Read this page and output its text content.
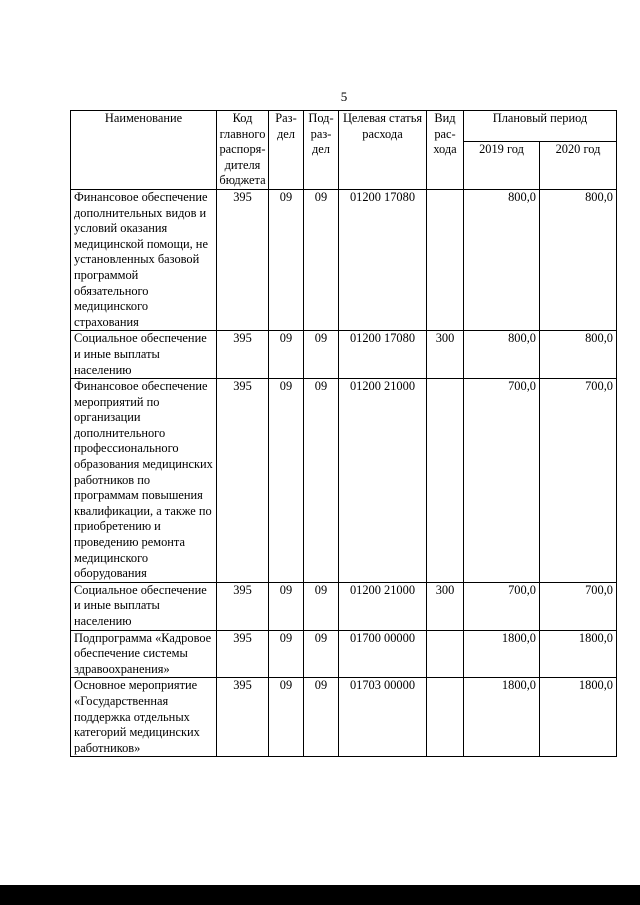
5
Наименование	Код главного распоря-дителя бюджета	Раз-дел	Под-раз-дел	Целевая статья расхода	Вид рас-хода	Плановый период	
						2019 год	2020 год
Финансовое обеспечение дополнительных видов и условий оказания медицинской помощи, не установленных базовой программой обязательного медицинского страхования	395	09	09	01200 17080		800,0	800,0
Социальное обеспечение и иные выплаты населению	395	09	09	01200 17080	300	800,0	800,0
Финансовое обеспечение мероприятий по организации дополнительного профессионального образования медицинских работников по программам повышения квалификации, а также по приобретению и проведению ремонта медицинского оборудования	395	09	09	01200 21000		700,0	700,0
Социальное обеспечение и иные выплаты населению	395	09	09	01200 21000	300	700,0	700,0
Подпрограмма «Кадровое обеспечение системы здравоохранения»	395	09	09	01700 00000		1800,0	1800,0
Основное мероприятие «Государственная поддержка отдельных категорий медицинских работников»	395	09	09	01703 00000		1800,0	1800,0
